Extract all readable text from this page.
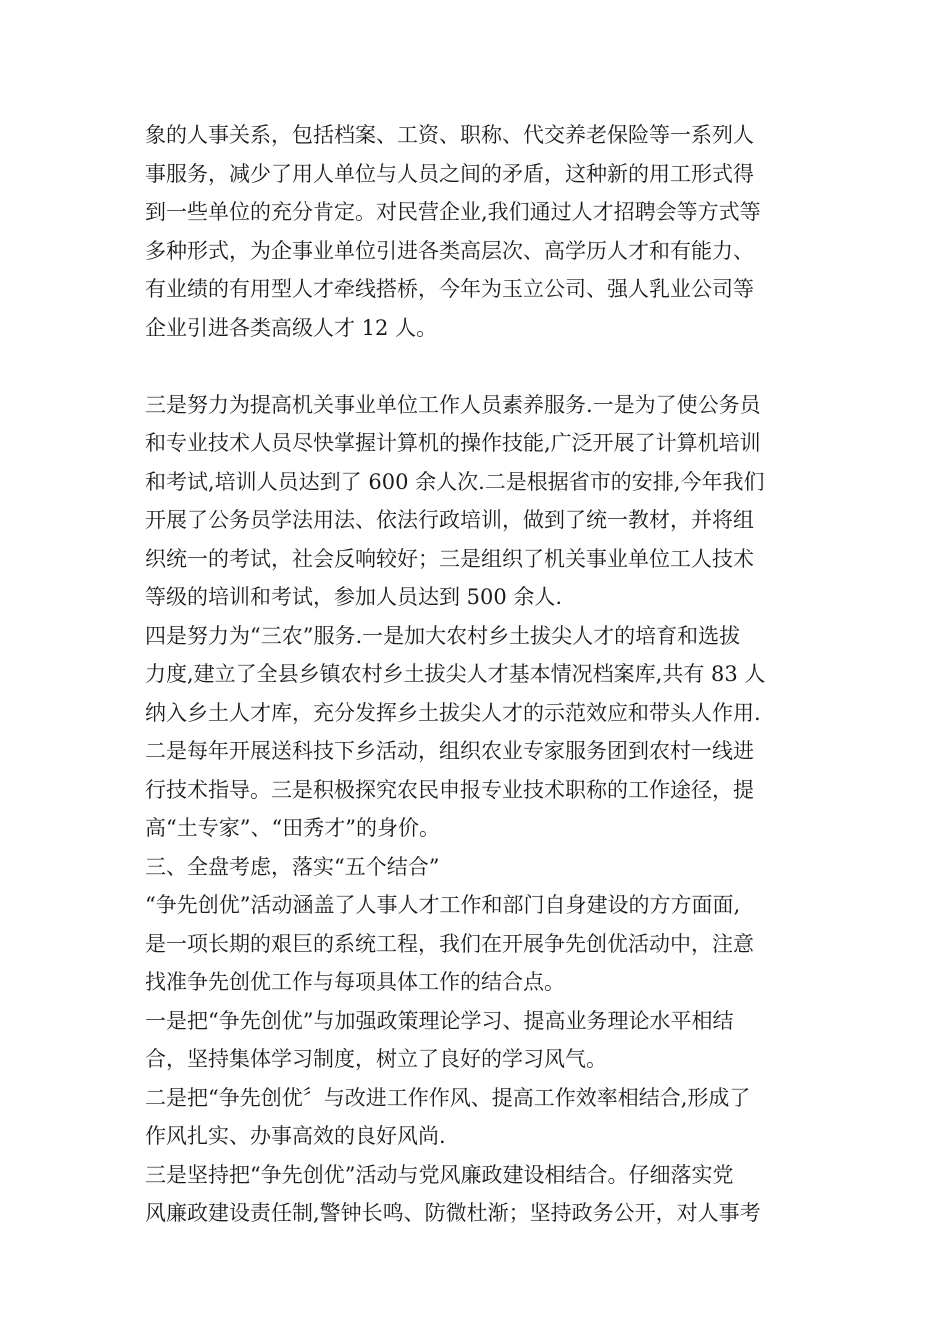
象的人事关系，包括档案、工资、职称、代交养老保险等一系列人
事服务，减少了用人单位与人员之间的矛盾，这种新的用工形式得
到一些单位的充分肯定。对民营企业,我们通过人才招聘会等方式等
多种形式，为企事业单位引进各类高层次、高学历人才和有能力、
有业绩的有用型人才牵线搭桥，今年为玉立公司、强人乳业公司等
企业引进各类高级人才 12 人。
三是努力为提高机关事业单位工作人员素养服务.一是为了使公务员
和专业技术人员尽快掌握计算机的操作技能,广泛开展了计算机培训
和考试,培训人员达到了 600 余人次.二是根据省市的安排,今年我们
开展了公务员学法用法、依法行政培训，做到了统一教材，并将组
织统一的考试，社会反响较好；三是组织了机关事业单位工人技术
等级的培训和考试，参加人员达到 500 余人.
四是努力为“三农”服务.一是加大农村乡土拔尖人才的培育和选拔
力度,建立了全县乡镇农村乡土拔尖人才基本情况档案库,共有 83 人
纳入乡土人才库，充分发挥乡土拔尖人才的示范效应和带头人作用.
二是每年开展送科技下乡活动，组织农业专家服务团到农村一线进
行技术指导。三是积极探究农民申报专业技术职称的工作途径，提
高“土专家”、“田秀才”的身价。
三、全盘考虑，落实“五个结合”
“争先创优”活动涵盖了人事人才工作和部门自身建设的方方面面,
是一项长期的艰巨的系统工程，我们在开展争先创优活动中，注意
找准争先创优工作与每项具体工作的结合点。
一是把“争先创优”与加强政策理论学习、提高业务理论水平相结
合，坚持集体学习制度，树立了良好的学习风气。
二是把“争先创优〞与改进工作作风、提高工作效率相结合,形成了
作风扎实、办事高效的良好风尚.
三是坚持把“争先创优”活动与党风廉政建设相结合。仔细落实党
风廉政建设责任制,警钟长鸣、防微杜渐；坚持政务公开，对人事考
